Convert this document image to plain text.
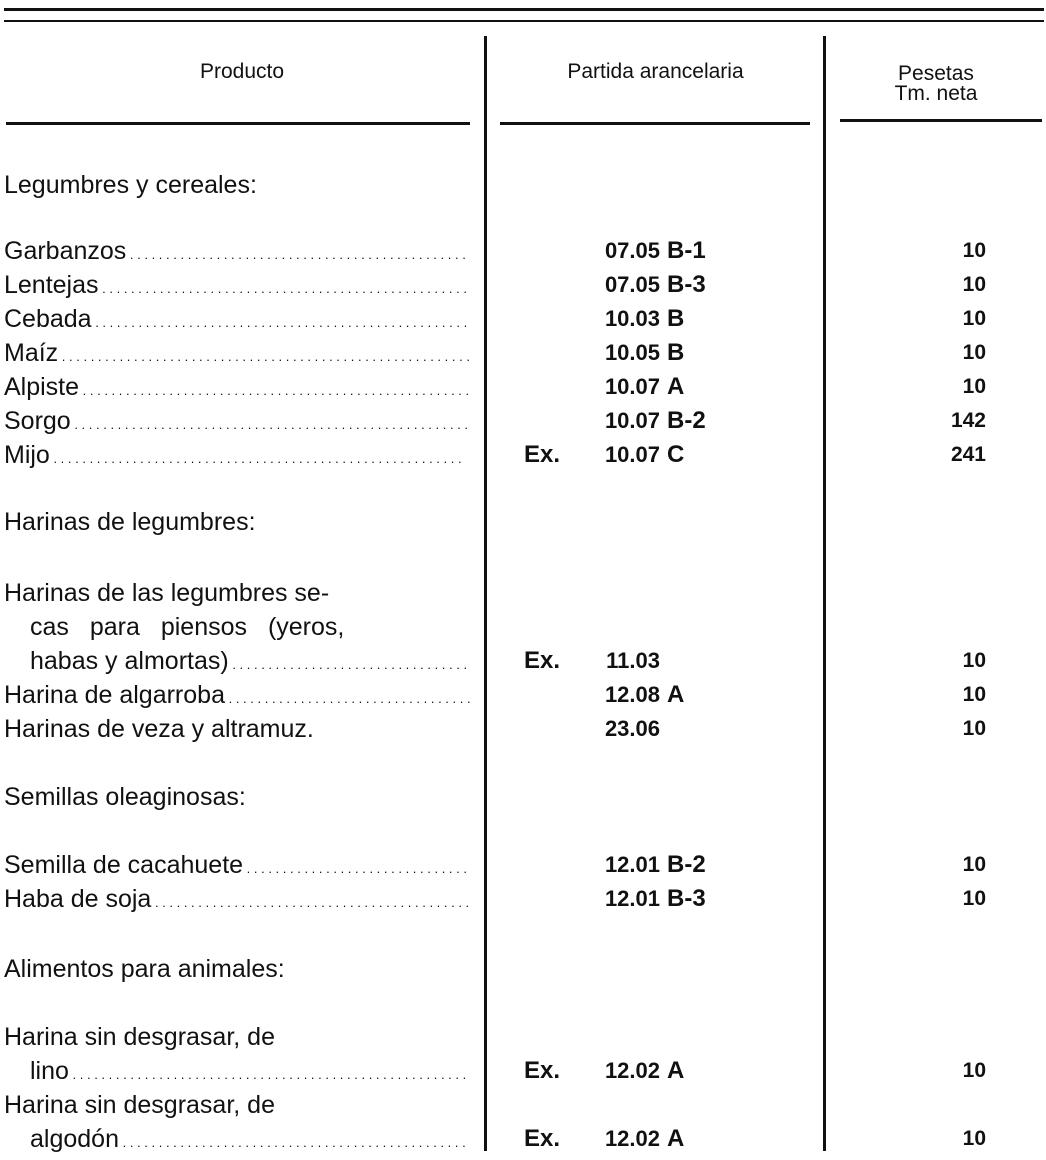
Producto	Partida arancelaria	Pesetas
Tm. neta
Legumbres y cereales:
Garbanzos . . .	07.05 B-1	10
Lentejas . . .	07.05 B-3	10
Cebada . . .	10.03 B	10
Maíz . . .	10.05 B	10
Alpiste . . .	10.07 A	10
Sorgo . . .	10.07 B-2	142
Mijo . . .	Ex. 10.07 C	241
Harinas de legumbres:
Harinas de las legumbres se-
cas para piensos (yeros,
habas y almortas) . . .	Ex. 11.03	10
Harina de algarroba . . .	12.08 A	10
Harinas de veza y altramuz.	23.06	10
Semillas oleaginosas:
Semilla de cacahuete . . .	12.01 B-2	10
Haba de soja . . .	12.01 B-3	10
Alimentos para animales:
Harina sin desgrasar, de
lino . . .	Ex. 12.02 A	10
Harina sin desgrasar, de
algodón . . .	Ex. 12.02 A	10
